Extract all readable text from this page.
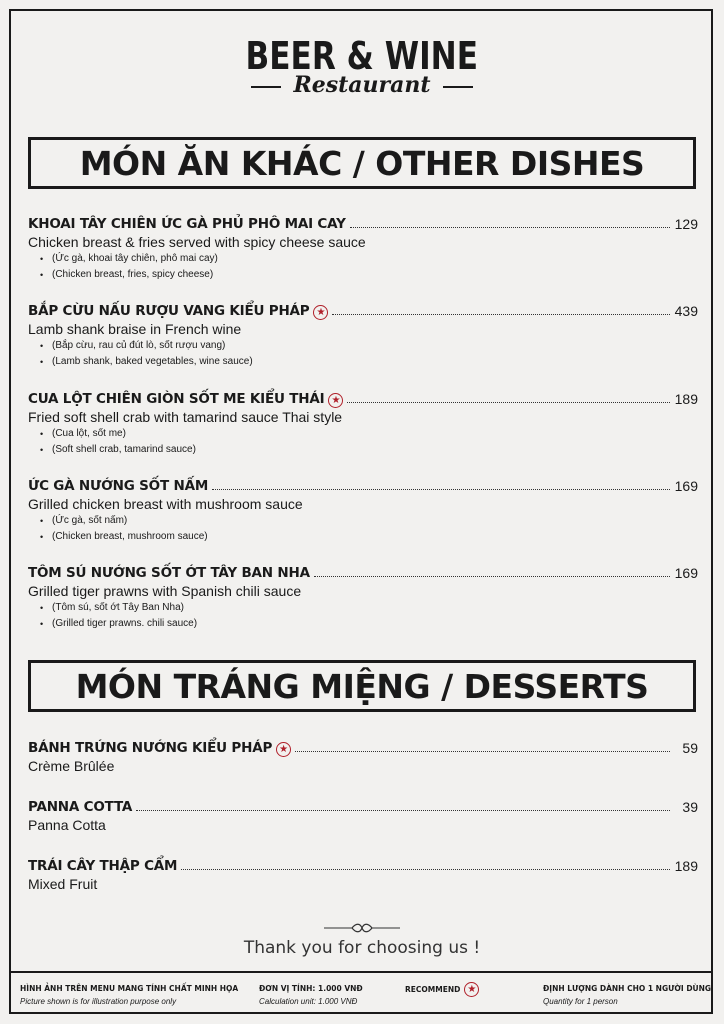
BEER & WINE
Restaurant
MÓN ĂN KHÁC / OTHER DISHES
KHOAI TÂY CHIÊN ỨC GÀ PHỦ PHÔ MAI CAY	129
Chicken breast & fries served with spicy cheese sauce
• (Ức gà, khoai tây chiên, phô mai cay)
• (Chicken breast, fries, spicy cheese)
BẮP CỪU NẤU RƯỢU VANG KIỂU PHÁP ★	439
Lamb shank braise in French wine
• (Bắp cừu, rau củ đút lò, sốt rượu vang)
• (Lamb shank, baked vegetables, wine sauce)
CUA LỘT CHIÊN GIÒN SỐT ME KIỂU THÁI ★	189
Fried soft shell crab with tamarind sauce Thai style
• (Cua lột, sốt me)
• (Soft shell crab, tamarind sauce)
ỨC GÀ NƯỚNG SỐT NẤM	169
Grilled chicken breast with mushroom sauce
• (Ức gà, sốt nấm)
• (Chicken breast, mushroom sauce)
TÔM SÚ NƯỚNG SỐT ỚT TÂY BAN NHA	169
Grilled tiger prawns with Spanish chili sauce
• (Tôm sú, sốt ớt Tây Ban Nha)
• (Grilled tiger prawns. chili sauce)
MÓN TRÁNG MIỆNG / DESSERTS
BÁNH TRỨNG NƯỚNG KIỂU PHÁP ★	59
Crème Brûlée
PANNA COTTA	39
Panna Cotta
TRÁI CÂY THẬP CẨM	189
Mixed Fruit
Thank you for choosing us !
HÌNH ẢNH TRÊN MENU MANG TÍNH CHẤT MINH HỌA
Picture shown is for illustration purpose only
ĐƠN VỊ TÍNH: 1.000 VNĐ
Calculation unit: 1.000 VNĐ
RECOMMEND ★	ĐỊNH LƯỢNG DÀNH CHO 1 NGƯỜI DÙNG
Quantity for 1 person
